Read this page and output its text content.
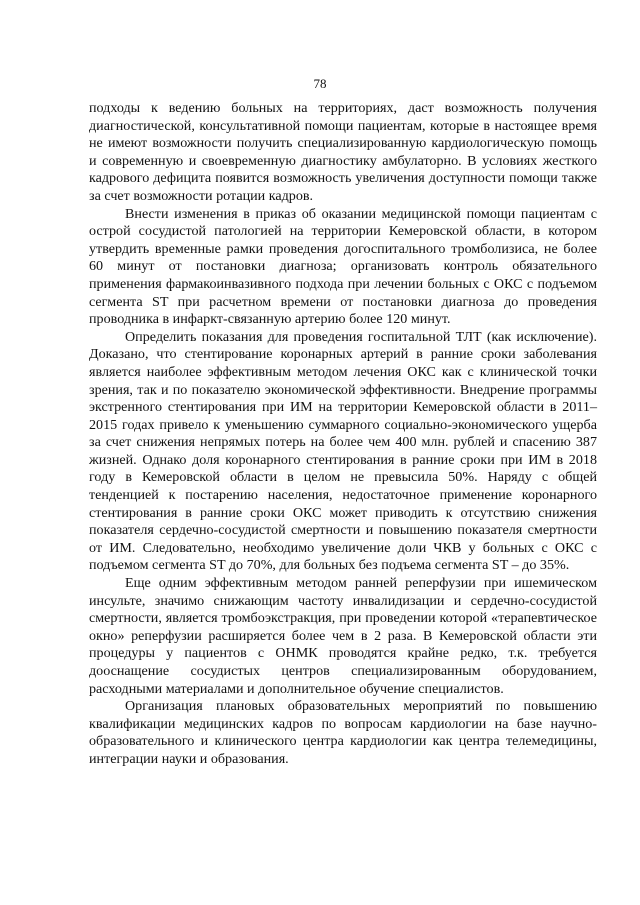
78

подходы к ведению больных на территориях, даст возможность получения диагностической, консультативной помощи пациентам, которые в настоящее время не имеют возможности получить специализированную кардиологическую помощь и современную и своевременную диагностику амбулаторно. В условиях жесткого кадрового дефицита появится возможность увеличения доступности помощи также за счет возможности ротации кадров.

Внести изменения в приказ об оказании медицинской помощи пациентам с острой сосудистой патологией на территории Кемеровской области, в котором утвердить временные рамки проведения догоспитального тромболизиса, не более 60 минут от постановки диагноза; организовать контроль обязательного применения фармакоинвазивного подхода при лечении больных с ОКС с подъемом сегмента ST при расчетном времени от постановки диагноза до проведения проводника в инфаркт-связанную артерию более 120 минут.

Определить показания для проведения госпитальной ТЛТ (как исключение). Доказано, что стентирование коронарных артерий в ранние сроки заболевания является наиболее эффективным методом лечения ОКС как с клинической точки зрения, так и по показателю экономической эффективности. Внедрение программы экстренного стентирования при ИМ на территории Кемеровской области в 2011–2015 годах привело к уменьшению суммарного социально-экономического ущерба за счет снижения непрямых потерь на более чем 400 млн. рублей и спасению 387 жизней. Однако доля коронарного стентирования в ранние сроки при ИМ в 2018 году в Кемеровской области в целом не превысила 50%. Наряду с общей тенденцией к постарению населения, недостаточное применение коронарного стентирования в ранние сроки ОКС может приводить к отсутствию снижения показателя сердечно-сосудистой смертности и повышению показателя смертности от ИМ. Следовательно, необходимо увеличение доли ЧКВ у больных с ОКС с подъемом сегмента ST до 70%, для больных без подъема сегмента ST – до 35%.

Еще одним эффективным методом ранней реперфузии при ишемическом инсульте, значимо снижающим частоту инвалидизации и сердечно-сосудистой смертности, является тромбоэкстракция, при проведении которой «терапевтическое окно» реперфузии расширяется более чем в 2 раза. В Кемеровской области эти процедуры у пациентов с ОНМК проводятся крайне редко, т.к. требуется дооснащение сосудистых центров специализированным оборудованием, расходными материалами и дополнительное обучение специалистов.

Организация плановых образовательных мероприятий по повышению квалификации медицинских кадров по вопросам кардиологии на базе научно-образовательного и клинического центра кардиологии как центра телемедицины, интеграции науки и образования.
